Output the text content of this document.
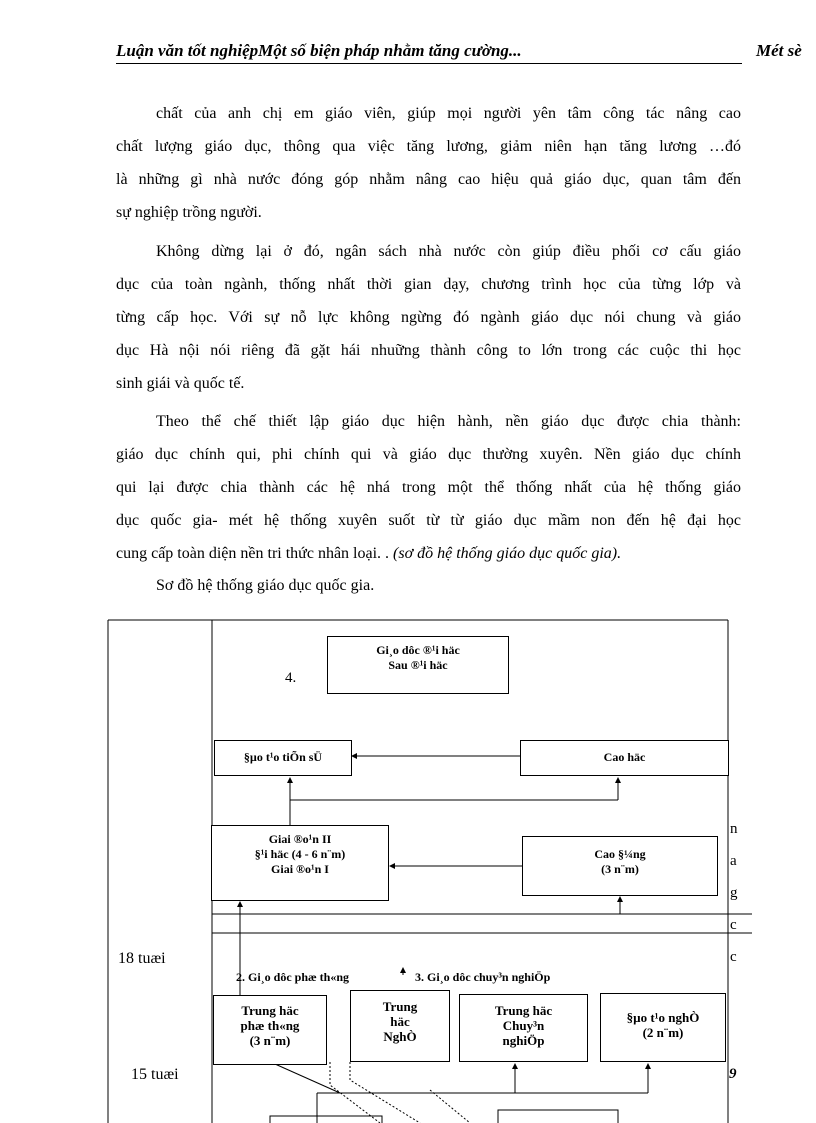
Luận văn tốt nghiệpMột số biện pháp nhằm tăng cường...	Mét sè
chất của anh chị em giáo viên, giúp mọi người yên tâm công tác nâng cao
chất lượng giáo dục, thông qua việc tăng lương, giảm niên hạn tăng lương …đó
là những gì nhà nước đóng góp nhằm nâng cao hiệu quả giáo dục, quan tâm đến
sự nghiệp trồng người.
Không dừng lại ở đó, ngân sách nhà nước còn giúp điều phối cơ cấu giáo
dục của toàn ngành, thống nhất thời gian dạy, chương trình học của từng lớp và
từng cấp học. Với sự nỗ lực không ngừng đó ngành giáo dục nói chung và giáo
dục Hà nội nói riêng đã gặt hái nhuững thành công to lớn trong các cuộc thi học
sinh giái và quốc tế.
Theo thể chế thiết lập giáo dục hiện hành, nền giáo dục được chia thành:
giáo dục chính qui, phi chính qui và giáo dục thường xuyên. Nền giáo dục chính
qui lại được chia thành các hệ nhá trong một thể thống nhất của hệ thống giáo
dục quốc gia- mét hệ thống xuyên suốt từ từ giáo dục mầm non đến hệ đại học
cung cấp toàn diện nền tri thức nhân loại. . (sơ đồ hệ thống giáo dục quốc gia).
Sơ đồ hệ thống giáo dục quốc gia.
Gi¸o dôc ®¹i häc
Sau ®¹i häc
4.
§µo t¹o tiÕn sÜ	Cao häc
Giai ®o¹n II
§¹i häc (4 - 6 n¨m)
Giai ®o¹n I
Cao §¼ng
(3 n¨m)
18 tuæi
2. Gi¸o dôc phæ th«ng	3. Gi¸o dôc chuy³n nghiÖp
Trung häc
phæ th«ng
(3 n¨m)
Trung
häc
NghÒ
Trung häc
Chuy³n
nghiÖp
§µo t¹o nghÒ
(2 n¨m)
15 tuæi
n
a
g
c
c
9
